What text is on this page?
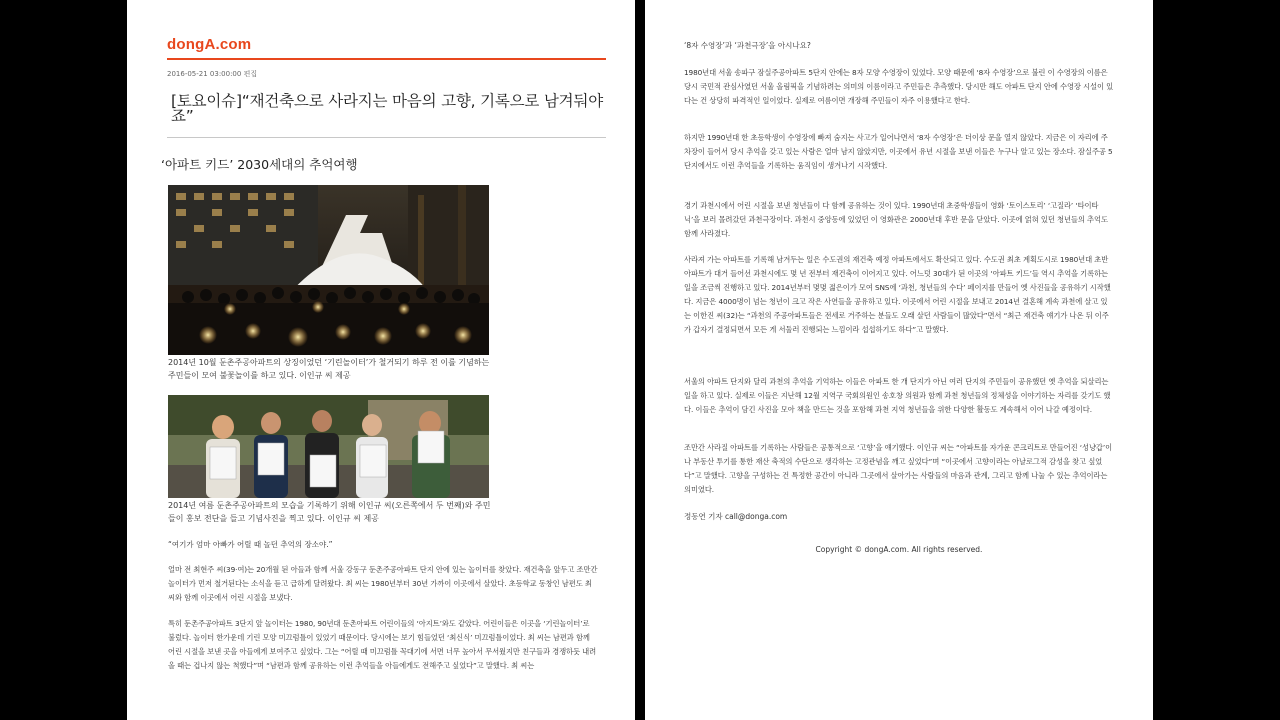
dongA.com
2016-05-21 03:00:00 편집
[토요이슈]“재건축으로 사라지는 마음의 고향, 기록으로 남겨둬야죠”
‘아파트 키드’ 2030세대의 추억여행
2014년 10월 둔촌주공아파트의 상징이었던 ‘기린놀이터’가 철거되기 하루 전 이를 기념하는 주민들이 모여 불꽃놀이를 하고 있다. 이인규 씨 제공
2014년 여름 둔촌주공아파트의 모습을 기록하기 위해 이인규 씨(오른쪽에서 두 번째)와 주민들이 홍보 전단을 들고 기념사진을 찍고 있다. 이인규 씨 제공
“여기가 엄마 아빠가 어릴 때 놀던 추억의 장소야.”
얼마 전 최현주 씨(39·여)는 20개월 된 아들과 함께 서울 강동구 둔촌주공아파트 단지 안에 있는 놀이터를 찾았다. 재건축을 앞두고 조만간 놀이터가 먼저 철거된다는 소식을 듣고 급하게 달려왔다. 최 씨는 1980년부터 30년 가까이 이곳에서 살았다. 초등학교 동창인 남편도 최 씨와 함께 이곳에서 어린 시절을 보냈다.
특히 둔촌주공아파트 3단지 앞 놀이터는 1980, 90년대 둔촌아파트 어린이들의 ‘아지트’와도 같았다. 어린이들은 이곳을 ‘기린놀이터’로 불렀다. 놀이터 한가운데 기린 모양 미끄럼틀이 있었기 때문이다. 당시에는 보기 힘들었던 ‘최신식’ 미끄럼틀이었다. 최 씨는 남편과 함께 어린 시절을 보낸 곳을 아들에게 보여주고 싶었다. 그는 “어릴 때 미끄럼틀 꼭대기에 서면 너무 높아서 무서웠지만 친구들과 경쟁하듯 내려올 때는 겁나지 않는 척했다”며 “남편과 함께 공유하는 이런 추억들을 아들에게도 전해주고 싶었다”고 말했다. 최 씨는
‘8자 수영장’과 ‘과천극장’을 아시나요?
1980년대 서울 송파구 잠실주공아파트 5단지 안에는 8자 모양 수영장이 있었다. 모양 때문에 ‘8자 수영장’으로 불린 이 수영장의 이름은 당시 국민적 관심사였던 서울 올림픽을 기념하려는 의미의 이름이라고 주민들은 추측했다. 당시만 해도 아파트 단지 안에 수영장 시설이 있다는 건 상당히 파격적인 일이었다. 실제로 여름이면 개장해 주민들이 자주 이용했다고 한다.
하지만 1990년대 한 초등학생이 수영장에 빠져 숨지는 사고가 일어나면서 ‘8자 수영장’은 더이상 문을 열지 않았다. 지금은 이 자리에 주차장이 들어서 당시 추억을 갖고 있는 사람은 얼마 남지 않았지만, 이곳에서 유년 시절을 보낸 이들은 누구나 알고 있는 장소다. 잠실주공 5단지에서도 이런 추억들을 기록하는 움직임이 생겨나기 시작했다.
경기 과천시에서 어린 시절을 보낸 청년들이 다 함께 공유하는 것이 있다. 1990년대 초중학생들이 영화 ‘토이스토리’ ‘고질라’ ‘타이타닉’을 보러 몰려갔던 과천극장이다. 과천시 중앙동에 있었던 이 영화관은 2000년대 후반 문을 닫았다. 이곳에 얽혀 있던 청년들의 추억도 함께 사라졌다.
사라져 가는 아파트를 기록해 남겨두는 일은 수도권의 재건축 예정 아파트에서도 확산되고 있다. 수도권 최초 계획도시로 1980년대 초반 아파트가 대거 들어선 과천시에도 몇 년 전부터 재건축이 이어지고 있다. 어느덧 30대가 된 이곳의 ‘아파트 키드’들 역시 추억을 기록하는 일을 조금씩 진행하고 있다. 2014년부터 몇몇 젊은이가 모여 SNS에 ‘과천, 청년들의 수다’ 페이지를 만들어 옛 사진들을 공유하기 시작했다. 지금은 4000명이 넘는 청년이 크고 작은 사연들을 공유하고 있다. 이곳에서 어린 시절을 보내고 2014년 결혼해 계속 과천에 살고 있는 이한진 씨(32)는 “과천의 주공아파트들은 전세로 거주하는 분들도 오래 살던 사람들이 많았다”면서 “최근 재건축 얘기가 나온 뒤 이주가 갑자기 결정되면서 모든 게 서둘러 진행되는 느낌이라 섭섭하기도 하다”고 말했다.
서울의 아파트 단지와 달리 과천의 추억을 기억하는 이들은 아파트 한 개 단지가 아닌 여러 단지의 주민들이 공유했던 옛 추억을 되살리는 일을 하고 있다. 실제로 이들은 지난해 12월 지역구 국회의원인 송호창 의원과 함께 과천 청년들의 정체성을 이야기하는 자리를 갖기도 했다. 이들은 추억이 담긴 사진을 모아 책을 만드는 것을 포함해 과천 지역 청년들을 위한 다양한 활동도 계속해서 이어 나갈 예정이다.
조만간 사라질 아파트를 기록하는 사람들은 공통적으로 ‘고향’을 얘기했다. 이인규 씨는 “아파트를 자가운 콘크리트로 만들어진 ‘성냥갑’이나 부동산 투기를 통한 재산 축적의 수단으로 생각하는 고정관념을 깨고 싶었다”며 “이곳에서 고향이라는 아날로그적 감성을 찾고 싶었다”고 말했다. 고향을 구성하는 건 특정한 공간이 아니라 그곳에서 살아가는 사람들의 마음과 관계, 그리고 함께 나눌 수 있는 추억이라는 의미였다.
정동연 기자 call@donga.com
Copyright © dongA.com. All rights reserved.
